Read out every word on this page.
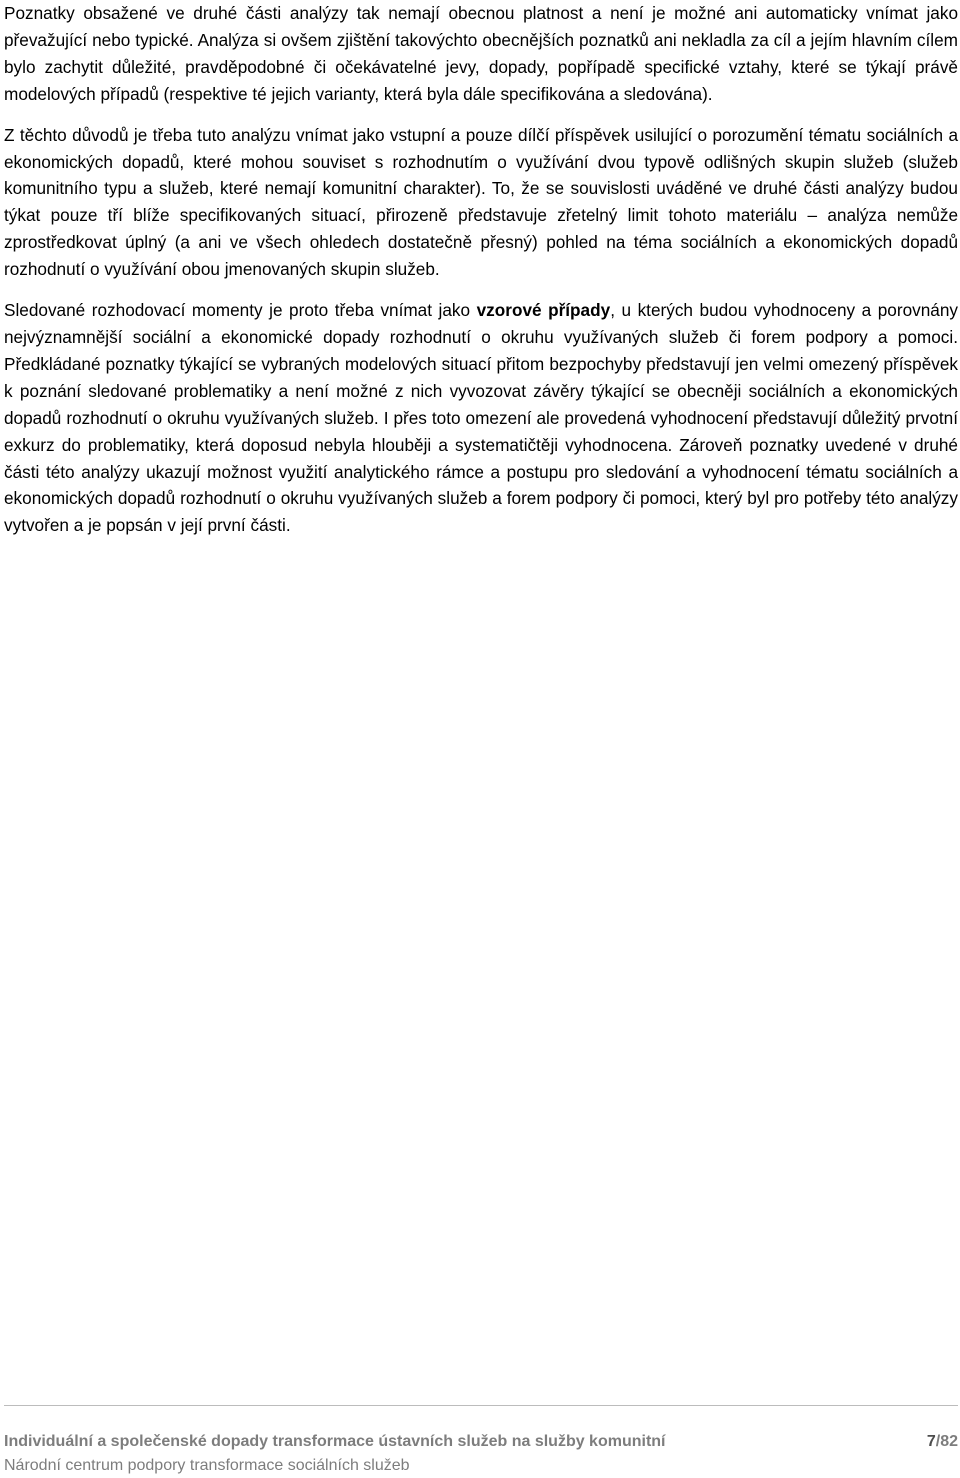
Poznatky obsažené ve druhé části analýzy tak nemají obecnou platnost a není je možné ani automaticky vnímat jako převažující nebo typické. Analýza si ovšem zjištění takovýchto obecnějších poznatků ani nekladla za cíl a jejím hlavním cílem bylo zachytit důležité, pravděpodobné či očekávatelné jevy, dopady, popřípadě specifické vztahy, které se týkají právě modelových případů (respektive té jejich varianty, která byla dále specifikována a sledována).

Z těchto důvodů je třeba tuto analýzu vnímat jako vstupní a pouze dílčí příspěvek usilující o porozumění tématu sociálních a ekonomických dopadů, které mohou souviset s rozhodnutím o využívání dvou typově odlišných skupin služeb (služeb komunitního typu a služeb, které nemají komunitní charakter). To, že se souvislosti uváděné ve druhé části analýzy budou týkat pouze tří blíže specifikovaných situací, přirozeně představuje zřetelný limit tohoto materiálu – analýza nemůže zprostředkovat úplný (a ani ve všech ohledech dostatečně přesný) pohled na téma sociálních a ekonomických dopadů rozhodnutí o využívání obou jmenovaných skupin služeb.

Sledované rozhodovací momenty je proto třeba vnímat jako vzorové případy, u kterých budou vyhodnoceny a porovnány nejvýznamnější sociální a ekonomické dopady rozhodnutí o okruhu využívaných služeb či forem podpory a pomoci. Předkládané poznatky týkající se vybraných modelových situací přitom bezpochyby představují jen velmi omezený příspěvek k poznání sledované problematiky a není možné z nich vyvozovat závěry týkající se obecněji sociálních a ekonomických dopadů rozhodnutí o okruhu využívaných služeb. I přes toto omezení ale provedená vyhodnocení představují důležitý prvotní exkurz do problematiky, která doposud nebyla hlouběji a systematičtěji vyhodnocena. Zároveň poznatky uvedené v druhé části této analýzy ukazují možnost využití analytického rámce a postupu pro sledování a vyhodnocení tématu sociálních a ekonomických dopadů rozhodnutí o okruhu využívaných služeb a forem podpory či pomoci, který byl pro potřeby této analýzy vytvořen a je popsán v její první části.

Individuální a společenské dopady transformace ústavních služeb na služby komunitní	7/82
Národní centrum podpory transformace sociálních služeb
